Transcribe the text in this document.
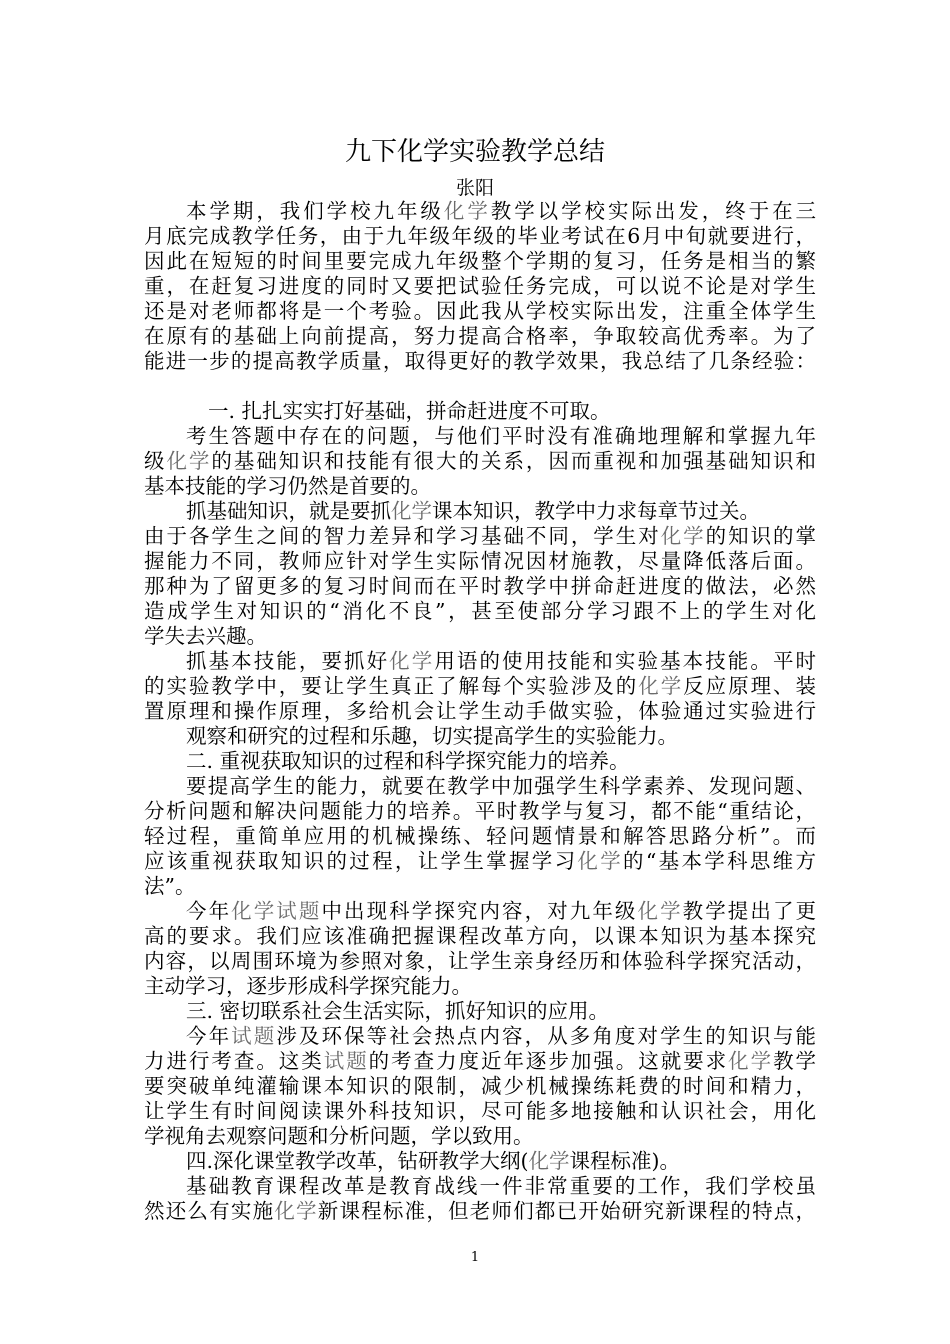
九下化学实验教学总结
张阳
本学期，我们学校九年级化学教学以学校实际出发，终于在三
月底完成教学任务，由于九年级年级的毕业考试在6月中旬就要进行，
因此在短短的时间里要完成九年级整个学期的复习，任务是相当的繁
重，在赶复习进度的同时又要把试验任务完成，可以说不论是对学生
还是对老师都将是一个考验。因此我从学校实际出发，注重全体学生
在原有的基础上向前提高，努力提高合格率，争取较高优秀率。为了
能进一步的提高教学质量，取得更好的教学效果，我总结了几条经验：
一. 扎扎实实打好基础，拼命赶进度不可取。
考生答题中存在的问题，与他们平时没有准确地理解和掌握九年
级化学的基础知识和技能有很大的关系，因而重视和加强基础知识和
基本技能的学习仍然是首要的。
抓基础知识，就是要抓化学课本知识，教学中力求每章节过关。
由于各学生之间的智力差异和学习基础不同，学生对化学的知识的掌
握能力不同，教师应针对学生实际情况因材施教，尽量降低落后面。
那种为了留更多的复习时间而在平时教学中拼命赶进度的做法，必然
造成学生对知识的“消化不良”，甚至使部分学习跟不上的学生对化
学失去兴趣。
抓基本技能，要抓好化学用语的使用技能和实验基本技能。平时
的实验教学中，要让学生真正了解每个实验涉及的化学反应原理、装
置原理和操作原理，多给机会让学生动手做实验，体验通过实验进行
观察和研究的过程和乐趣，切实提高学生的实验能力。
二. 重视获取知识的过程和科学探究能力的培养。
要提高学生的能力，就要在教学中加强学生科学素养、发现问题、
分析问题和解决问题能力的培养。平时教学与复习，都不能“重结论，
轻过程，重简单应用的机械操练、轻问题情景和解答思路分析”。而
应该重视获取知识的过程，让学生掌握学习化学的“基本学科思维方
法”。
今年化学试题中出现科学探究内容，对九年级化学教学提出了更
高的要求。我们应该准确把握课程改革方向，以课本知识为基本探究
内容，以周围环境为参照对象，让学生亲身经历和体验科学探究活动，
主动学习，逐步形成科学探究能力。
三. 密切联系社会生活实际，抓好知识的应用。
今年试题涉及环保等社会热点内容，从多角度对学生的知识与能
力进行考查。这类试题的考查力度近年逐步加强。这就要求化学教学
要突破单纯灌输课本知识的限制，减少机械操练耗费的时间和精力，
让学生有时间阅读课外科技知识，尽可能多地接触和认识社会，用化
学视角去观察问题和分析问题，学以致用。
四.深化课堂教学改革，钻研教学大纲(化学课程标准)。
基础教育课程改革是教育战线一件非常重要的工作，我们学校虽
然还么有实施化学新课程标准，但老师们都已开始研究新课程的特点，
1
